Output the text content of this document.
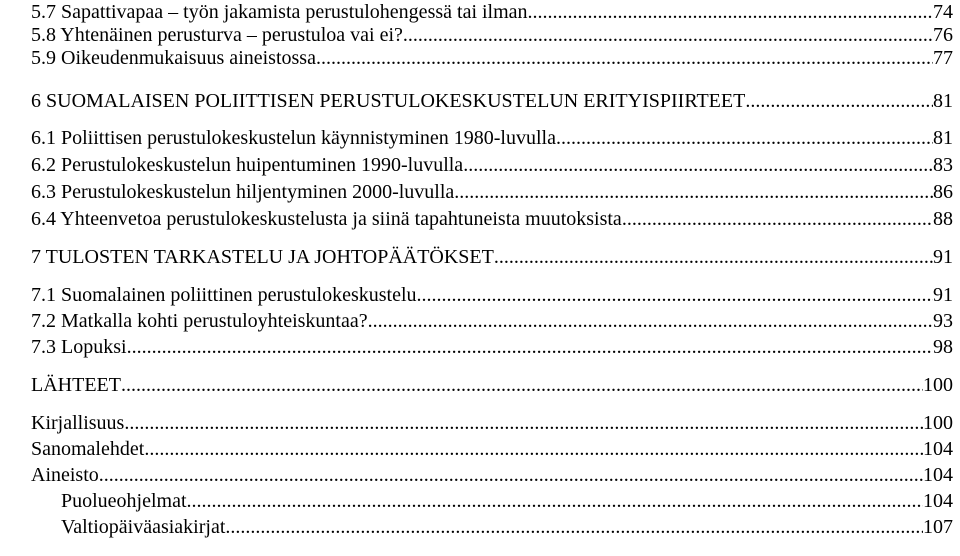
5.7 Sapattivapaa – työn jakamista perustulohengessä tai ilman .....	74
5.8 Yhtenäinen perusturva – perustuloa vai ei? .....	76
5.9 Oikeudenmukaisuus aineistossa .....	77
6 SUOMALAISEN POLIITTISEN PERUSTULOKESKUSTELUN ERITYISPIIRTEET .....	81
6.1 Poliittisen perustulokeskustelun käynnistyminen 1980-luvulla .....	81
6.2 Perustulokeskustelun huipentuminen 1990-luvulla .....	83
6.3 Perustulokeskustelun hiljentyminen 2000-luvulla .....	86
6.4 Yhteenvetoa perustulokeskustelusta ja siinä tapahtuneista muutoksista .....	88
7 TULOSTEN TARKASTELU JA JOHTOPÄÄTÖKSET .....	91
7.1 Suomalainen poliittinen perustulokeskustelu .....	91
7.2 Matkalla kohti perustuloyhteiskuntaa? .....	93
7.3 Lopuksi .....	98
LÄHTEET .....	100
Kirjallisuus .....	100
Sanomalehdet .....	104
Aineisto .....	104
Puolueohjelmat .....	104
Valtiopäiväasiakirjat .....	107
